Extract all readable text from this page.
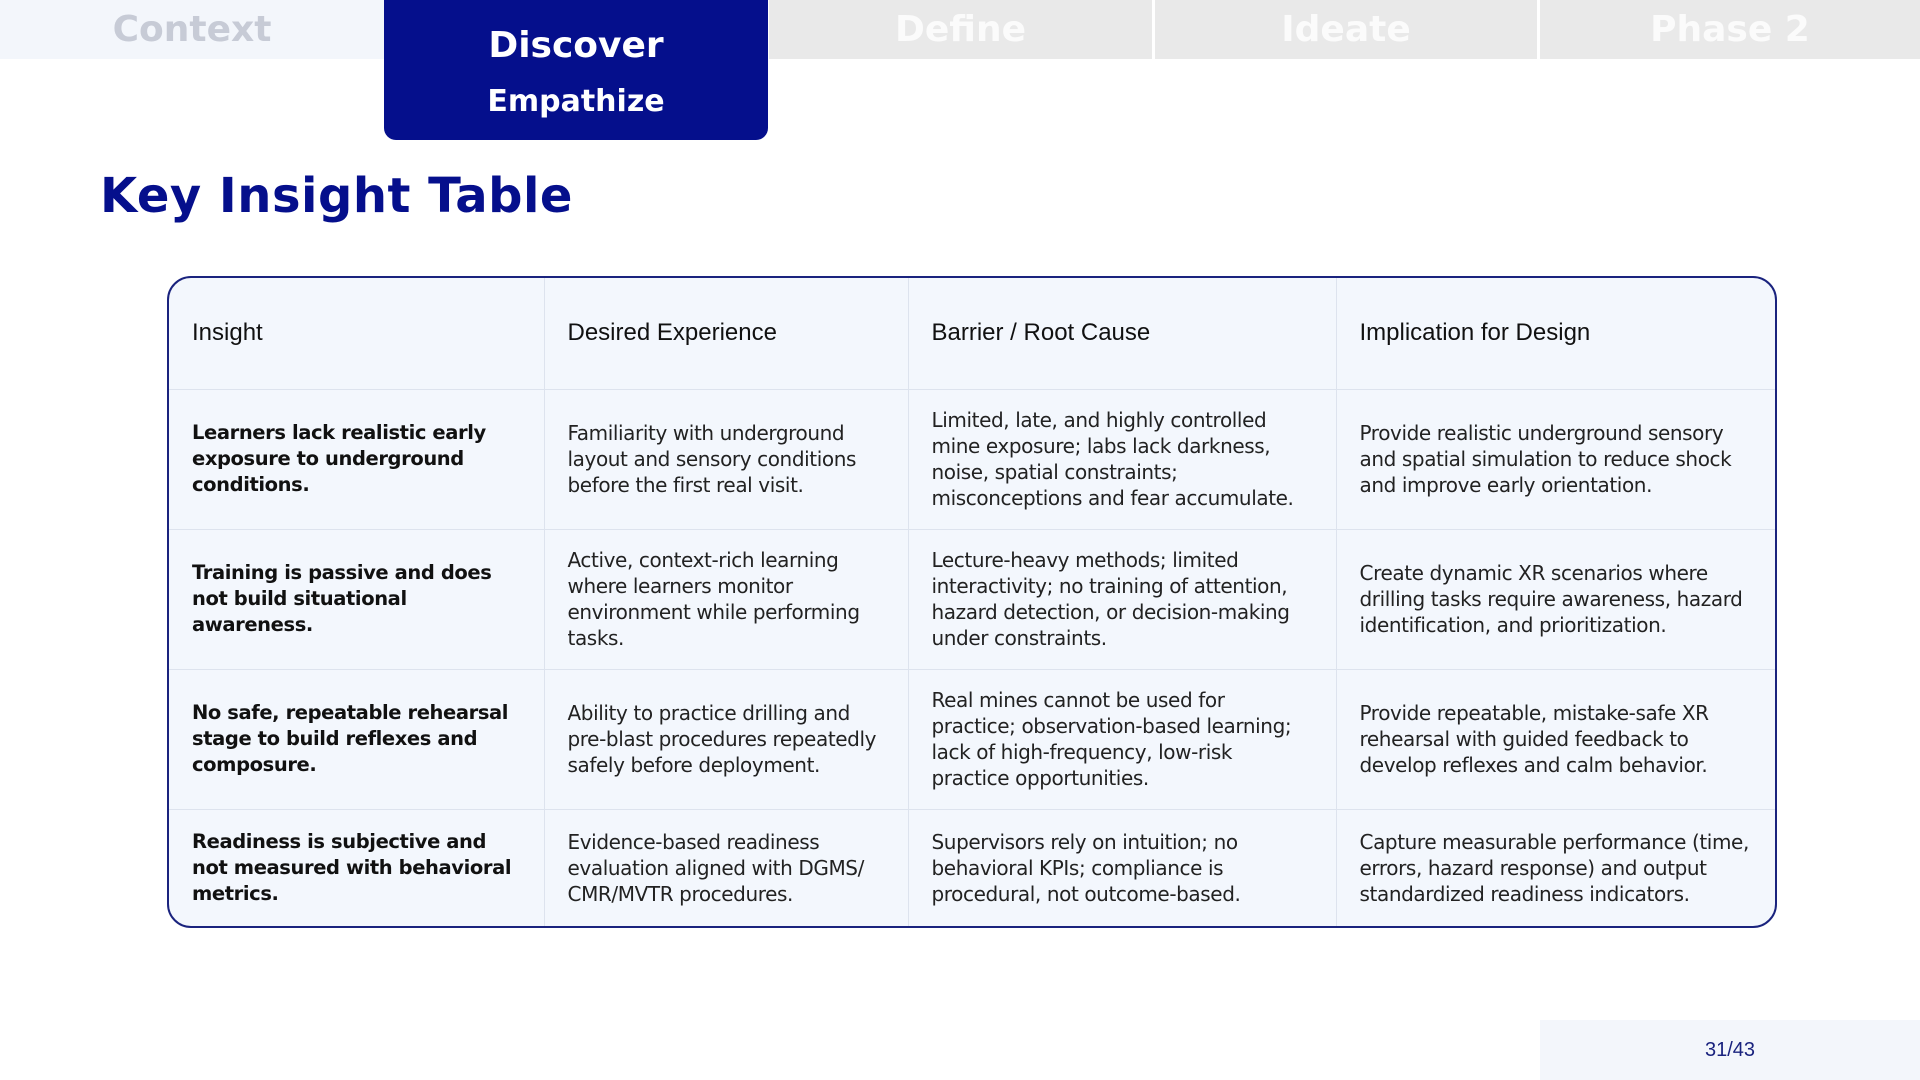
Context	Discover
Empathize
Define	Ideate	Phase 2
Key Insight Table
Insight	Desired Experience	Barrier / Root Cause	Implication for Design
Learners lack realistic early exposure to underground conditions.	Familiarity with underground layout and sensory conditions before the first real visit.	Limited, late, and highly controlled mine exposure; labs lack darkness, noise, spatial constraints; misconceptions and fear accumulate.	Provide realistic underground sensory and spatial simulation to reduce shock and improve early orientation.
Training is passive and does not build situational awareness.	Active, context-rich learning where learners monitor environment while performing tasks.	Lecture-heavy methods; limited interactivity; no training of attention, hazard detection, or decision-making under constraints.	Create dynamic XR scenarios where drilling tasks require awareness, hazard identification, and prioritization.
No safe, repeatable rehearsal stage to build reflexes and composure.	Ability to practice drilling and pre-blast procedures repeatedly safely before deployment.	Real mines cannot be used for practice; observation-based learning; lack of high-frequency, low-risk practice opportunities.	Provide repeatable, mistake-safe XR rehearsal with guided feedback to develop reflexes and calm behavior.
Readiness is subjective and not measured with behavioral metrics.	Evidence-based readiness evaluation aligned with DGMS/ CMR/MVTR procedures.	Supervisors rely on intuition; no behavioral KPIs; compliance is procedural, not outcome-based.	Capture measurable performance (time, errors, hazard response) and output standardized readiness indicators.
31/43
